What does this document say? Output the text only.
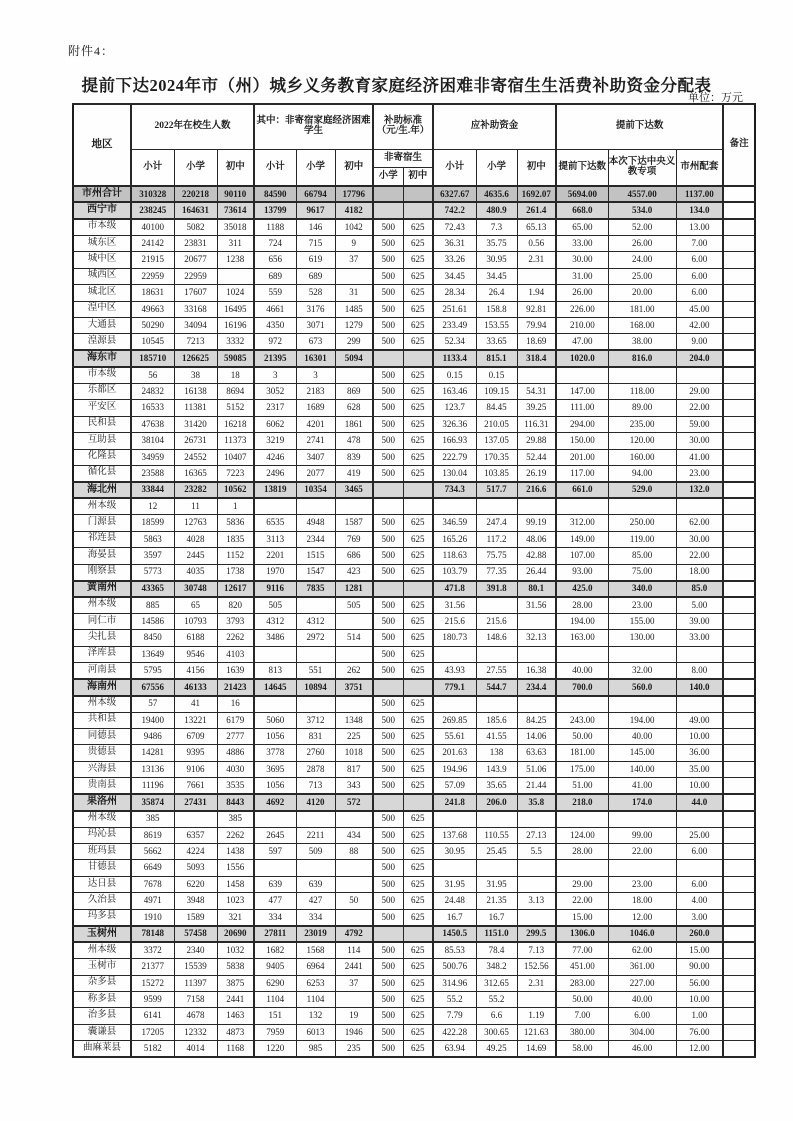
附件4：
提前下达2024年市（州）城乡义务教育家庭经济困难非寄宿生生活费补助资金分配表
单位：万元
地区	2022年在校生人数			其中：非寄宿家庭经济困难学生			补助标准（元/生.年）		应补助资金			提前下达数			备注
	小计	小学	初中	小计	小学	初中	非寄宿生		小计	小学	初中	提前下达数	本次下达中央义教专项	市州配套	
							小学	初中							
市州合计	310328	220218	90110	84590	66794	17796			6327.67	4635.6	1692.07	5694.00	4557.00	1137.00	
西宁市	238245	164631	73614	13799	9617	4182			742.2	480.9	261.4	668.0	534.0	134.0	
市本级	40100	5082	35018	1188	146	1042	500	625	72.43	7.3	65.13	65.00	52.00	13.00	
城东区	24142	23831	311	724	715	9	500	625	36.31	35.75	0.56	33.00	26.00	7.00	
城中区	21915	20677	1238	656	619	37	500	625	33.26	30.95	2.31	30.00	24.00	6.00	
城西区	22959	22959		689	689		500	625	34.45	34.45		31.00	25.00	6.00	
城北区	18631	17607	1024	559	528	31	500	625	28.34	26.4	1.94	26.00	20.00	6.00	
湟中区	49663	33168	16495	4661	3176	1485	500	625	251.61	158.8	92.81	226.00	181.00	45.00	
大通县	50290	34094	16196	4350	3071	1279	500	625	233.49	153.55	79.94	210.00	168.00	42.00	
湟源县	10545	7213	3332	972	673	299	500	625	52.34	33.65	18.69	47.00	38.00	9.00	
海东市	185710	126625	59085	21395	16301	5094			1133.4	815.1	318.4	1020.0	816.0	204.0	
市本级	56	38	18	3	3		500	625	0.15	0.15					
乐都区	24832	16138	8694	3052	2183	869	500	625	163.46	109.15	54.31	147.00	118.00	29.00	
平安区	16533	11381	5152	2317	1689	628	500	625	123.7	84.45	39.25	111.00	89.00	22.00	
民和县	47638	31420	16218	6062	4201	1861	500	625	326.36	210.05	116.31	294.00	235.00	59.00	
互助县	38104	26731	11373	3219	2741	478	500	625	166.93	137.05	29.88	150.00	120.00	30.00	
化隆县	34959	24552	10407	4246	3407	839	500	625	222.79	170.35	52.44	201.00	160.00	41.00	
循化县	23588	16365	7223	2496	2077	419	500	625	130.04	103.85	26.19	117.00	94.00	23.00	
海北州	33844	23282	10562	13819	10354	3465			734.3	517.7	216.6	661.0	529.0	132.0	
州本级	12	11	1												
门源县	18599	12763	5836	6535	4948	1587	500	625	346.59	247.4	99.19	312.00	250.00	62.00	
祁连县	5863	4028	1835	3113	2344	769	500	625	165.26	117.2	48.06	149.00	119.00	30.00	
海晏县	3597	2445	1152	2201	1515	686	500	625	118.63	75.75	42.88	107.00	85.00	22.00	
刚察县	5773	4035	1738	1970	1547	423	500	625	103.79	77.35	26.44	93.00	75.00	18.00	
黄南州	43365	30748	12617	9116	7835	1281			471.8	391.8	80.1	425.0	340.0	85.0	
州本级	885	65	820	505		505	500	625	31.56		31.56	28.00	23.00	5.00	
同仁市	14586	10793	3793	4312	4312		500	625	215.6	215.6		194.00	155.00	39.00	
尖扎县	8450	6188	2262	3486	2972	514	500	625	180.73	148.6	32.13	163.00	130.00	33.00	
泽库县	13649	9546	4103				500	625							
河南县	5795	4156	1639	813	551	262	500	625	43.93	27.55	16.38	40.00	32.00	8.00	
海南州	67556	46133	21423	14645	10894	3751			779.1	544.7	234.4	700.0	560.0	140.0	
州本级	57	41	16				500	625							
共和县	19400	13221	6179	5060	3712	1348	500	625	269.85	185.6	84.25	243.00	194.00	49.00	
同德县	9486	6709	2777	1056	831	225	500	625	55.61	41.55	14.06	50.00	40.00	10.00	
贵德县	14281	9395	4886	3778	2760	1018	500	625	201.63	138	63.63	181.00	145.00	36.00	
兴海县	13136	9106	4030	3695	2878	817	500	625	194.96	143.9	51.06	175.00	140.00	35.00	
贵南县	11196	7661	3535	1056	713	343	500	625	57.09	35.65	21.44	51.00	41.00	10.00	
果洛州	35874	27431	8443	4692	4120	572			241.8	206.0	35.8	218.0	174.0	44.0	
州本级	385		385				500	625							
玛沁县	8619	6357	2262	2645	2211	434	500	625	137.68	110.55	27.13	124.00	99.00	25.00	
班玛县	5662	4224	1438	597	509	88	500	625	30.95	25.45	5.5	28.00	22.00	6.00	
甘德县	6649	5093	1556				500	625							
达日县	7678	6220	1458	639	639		500	625	31.95	31.95		29.00	23.00	6.00	
久治县	4971	3948	1023	477	427	50	500	625	24.48	21.35	3.13	22.00	18.00	4.00	
玛多县	1910	1589	321	334	334		500	625	16.7	16.7		15.00	12.00	3.00	
玉树州	78148	57458	20690	27811	23019	4792			1450.5	1151.0	299.5	1306.0	1046.0	260.0	
州本级	3372	2340	1032	1682	1568	114	500	625	85.53	78.4	7.13	77.00	62.00	15.00	
玉树市	21377	15539	5838	9405	6964	2441	500	625	500.76	348.2	152.56	451.00	361.00	90.00	
杂多县	15272	11397	3875	6290	6253	37	500	625	314.96	312.65	2.31	283.00	227.00	56.00	
称多县	9599	7158	2441	1104	1104		500	625	55.2	55.2		50.00	40.00	10.00	
治多县	6141	4678	1463	151	132	19	500	625	7.79	6.6	1.19	7.00	6.00	1.00	
囊谦县	17205	12332	4873	7959	6013	1946	500	625	422.28	300.65	121.63	380.00	304.00	76.00	
曲麻莱县	5182	4014	1168	1220	985	235	500	625	63.94	49.25	14.69	58.00	46.00	12.00	
